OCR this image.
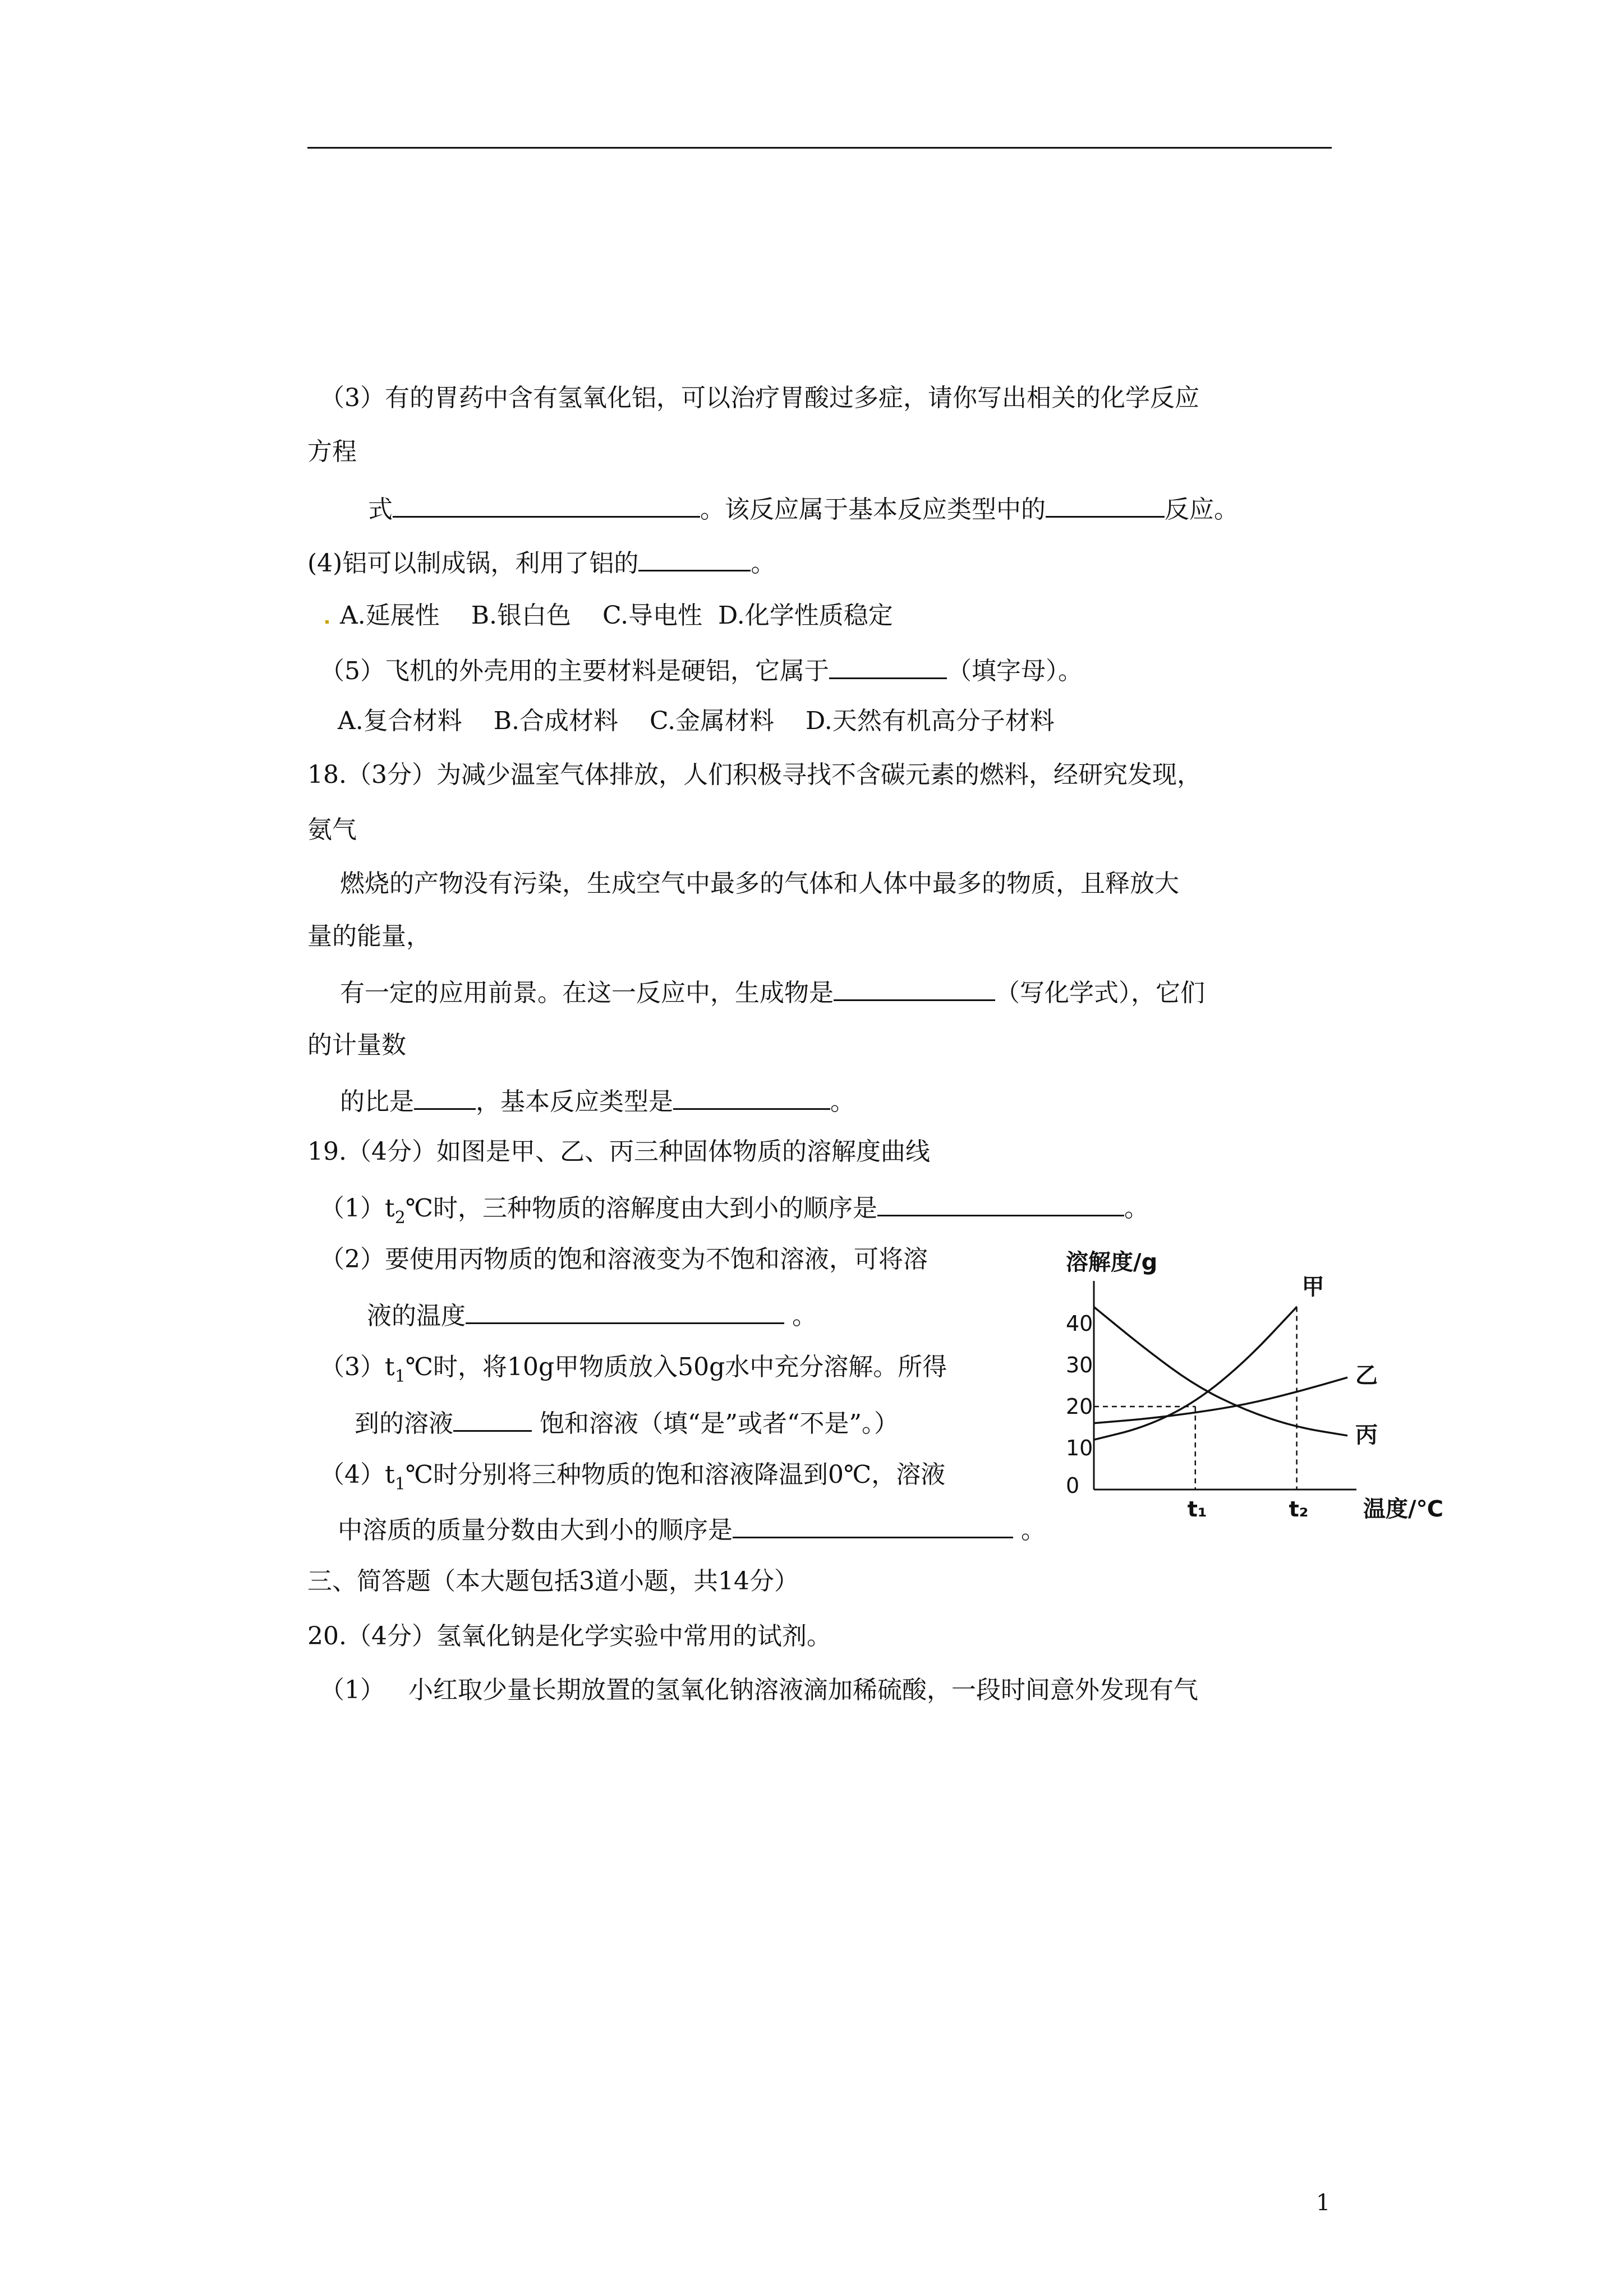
（3）有的胃药中含有氢氧化铝，可以治疗胃酸过多症，请你写出相关的化学反应
方程
式	。该反应属于基本反应类型中的	反应。
(4)铝可以制成锅，利用了铝的	。
A.延展性    B.银白色    C.导电性  D.化学性质稳定
（5）飞机的外壳用的主要材料是硬铝，它属于	（填字母）。
A.复合材料    B.合成材料    C.金属材料    D.天然有机高分子材料
18.（3分）为减少温室气体排放，人们积极寻找不含碳元素的燃料，经研究发现，
氨气
燃烧的产物没有污染，生成空气中最多的气体和人体中最多的物质，且释放大
量的能量，
有一定的应用前景。在这一反应中，生成物是	（写化学式），它们
的计量数
的比是	，基本反应类型是	。
19.（4分）如图是甲、乙、丙三种固体物质的溶解度曲线
$(1)t_2℃$时，三种物质的溶解度由大到小的顺序是	。
（2）要使用丙物质的饱和溶液变为不饱和溶液，可将溶
液的温度	。
$(3)t_1℃$时，将10g甲物质放入50g水中充分溶解。所得
到的溶液	饱和溶液（填“是”或者“不是”。）
$(4)t_1℃$时分别将三种物质的饱和溶液降温到0℃，溶液
中溶质的质量分数由大到小的顺序是	。
三、简答题（本大题包括3道小题，共14分）
20.（4分）氢氧化钠是化学实验中常用的试剂。
（1）   小红取少量长期放置的氢氧化钠溶液滴加稀硫酸，一段时间意外发现有气
溶解度/g
温度/℃
0
10
20
30
40
t₁	t₂
甲
乙
丙
1
